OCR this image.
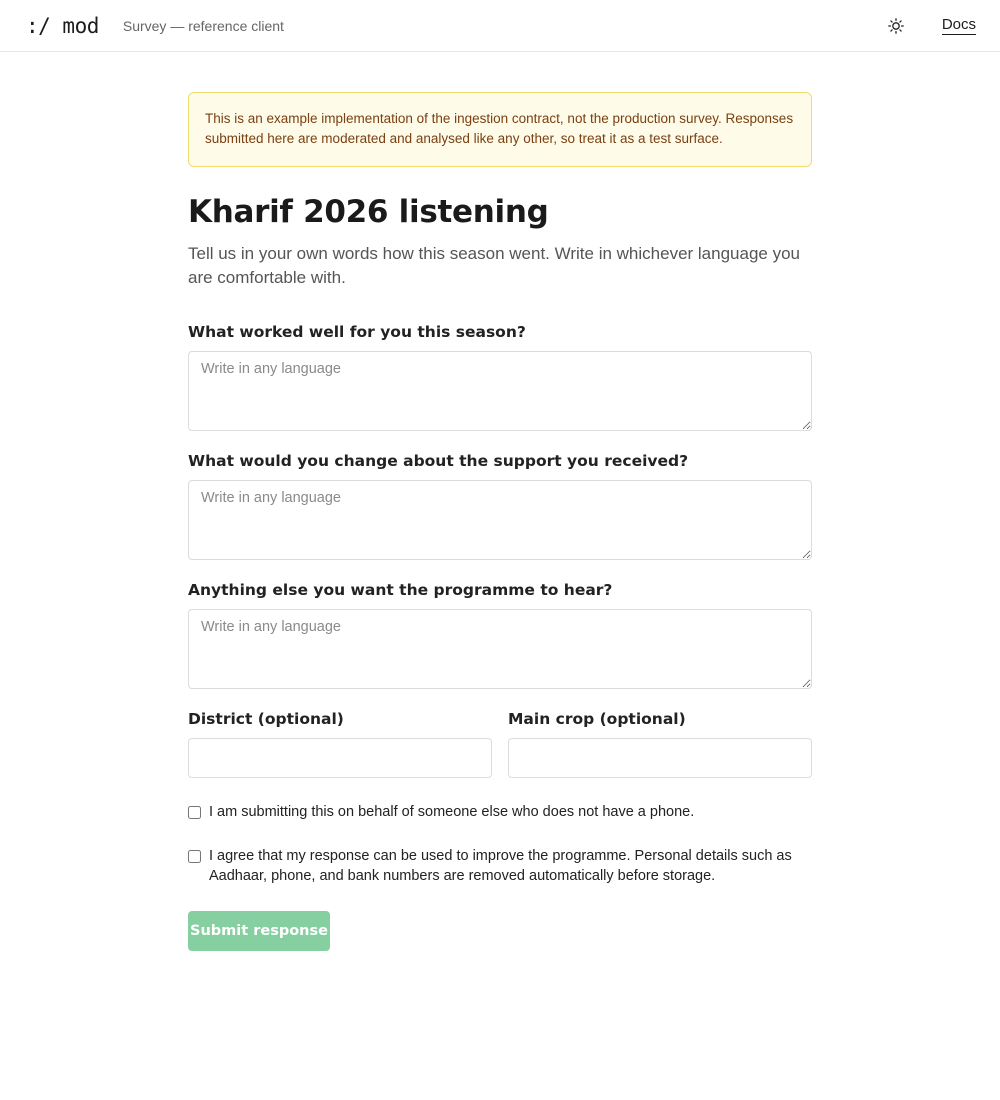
:/ mod Survey — reference client	Docs
This is an example implementation of the ingestion contract, not the production survey. Responses submitted here are moderated and analysed like any other, so treat it as a test surface.
Kharif 2026 listening

Tell us in your own words how this season went. Write in whichever language you are comfortable with.

What worked well for you this season?
Write in any language
What would you change about the support you received?
Write in any language
Anything else you want the programme to hear?
Write in any language
District (optional)	Main crop (optional)
I am submitting this on behalf of someone else who does not have a phone.
I agree that my response can be used to improve the programme. Personal details such as Aadhaar, phone, and bank numbers are removed automatically before storage.
Submit response
